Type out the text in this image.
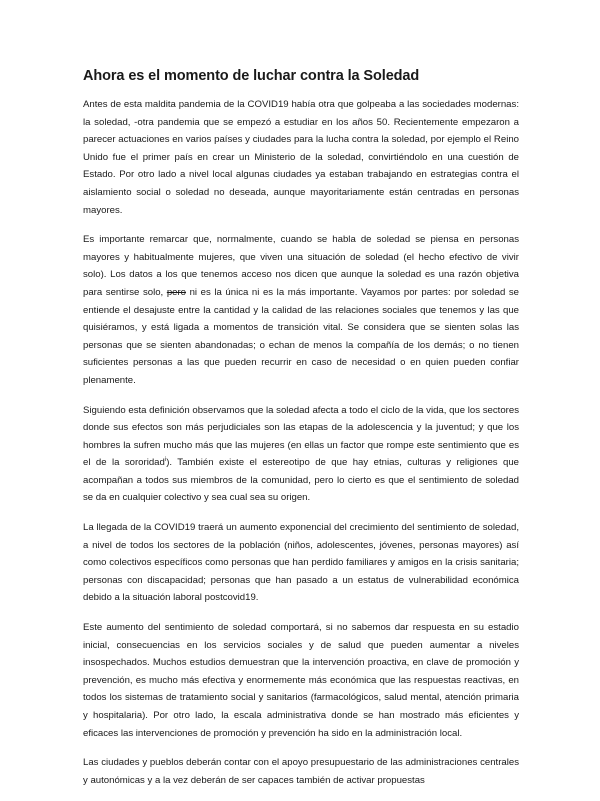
Ahora es el momento de luchar contra la Soledad

Antes de esta maldita pandemia de la COVID19 había otra que golpeaba a las sociedades modernas: la soledad, -otra pandemia que se empezó a estudiar en los años 50. Recientemente empezaron a parecer actuaciones en varios países y ciudades para la lucha contra la soledad, por ejemplo el Reino Unido fue el primer país en crear un Ministerio de la soledad, convirtiéndolo en una cuestión de Estado. Por otro lado a nivel local algunas ciudades ya estaban trabajando en estrategias contra el aislamiento social o soledad no deseada, aunque mayoritariamente están centradas en personas mayores.

Es importante remarcar que, normalmente, cuando se habla de soledad se piensa en personas mayores y habitualmente mujeres, que viven una situación de soledad (el hecho efectivo de vivir solo). Los datos a los que tenemos acceso nos dicen que aunque la soledad es una razón objetiva para sentirse solo, pero ni es la única ni es la más importante. Vayamos por partes: por soledad se entiende el desajuste entre la cantidad y la calidad de las relaciones sociales que tenemos y las que quisiéramos, y está ligada a momentos de transición vital. Se considera que se sienten solas las personas que se sienten abandonadas; o echan de menos la compañía de los demás; o no tienen suficientes personas a las que pueden recurrir en caso de necesidad o en quien pueden confiar plenamente.

Siguiendo esta definición observamos que la soledad afecta a todo el ciclo de la vida, que los sectores donde sus efectos son más perjudiciales son las etapas de la adolescencia y la juventud; y que los hombres la sufren mucho más que las mujeres (en ellas un factor que rompe este sentimiento que es el de la sororidad$^i$). También existe el estereotipo de que hay etnias, culturas y religiones que acompañan a todos sus miembros de la comunidad, pero lo cierto es que el sentimiento de soledad se da en cualquier colectivo y sea cual sea su origen.

La llegada de la COVID19 traerá un aumento exponencial del crecimiento del sentimiento de soledad, a nivel de todos los sectores de la población (niños, adolescentes, jóvenes, personas mayores) así como colectivos específicos como personas que han perdido familiares y amigos en la crisis sanitaria; personas con discapacidad; personas que han pasado a un estatus de vulnerabilidad económica debido a la situación laboral postcovid19.

Este aumento del sentimiento de soledad comportará, si no sabemos dar respuesta en su estadio inicial, consecuencias en los servicios sociales y de salud que pueden aumentar a niveles insospechados. Muchos estudios demuestran que la intervención proactiva, en clave de promoción y prevención, es mucho más efectiva y enormemente más económica que las respuestas reactivas, en todos los sistemas de tratamiento social y sanitarios (farmacológicos, salud mental, atención primaria y hospitalaria). Por otro lado, la escala administrativa donde se han mostrado más eficientes y eficaces las intervenciones de promoción y prevención ha sido en la administración local.

Las ciudades y pueblos deberán contar con el apoyo presupuestario de las administraciones centrales y autonómicas y a la vez deberán de ser capaces también de activar propuestas
